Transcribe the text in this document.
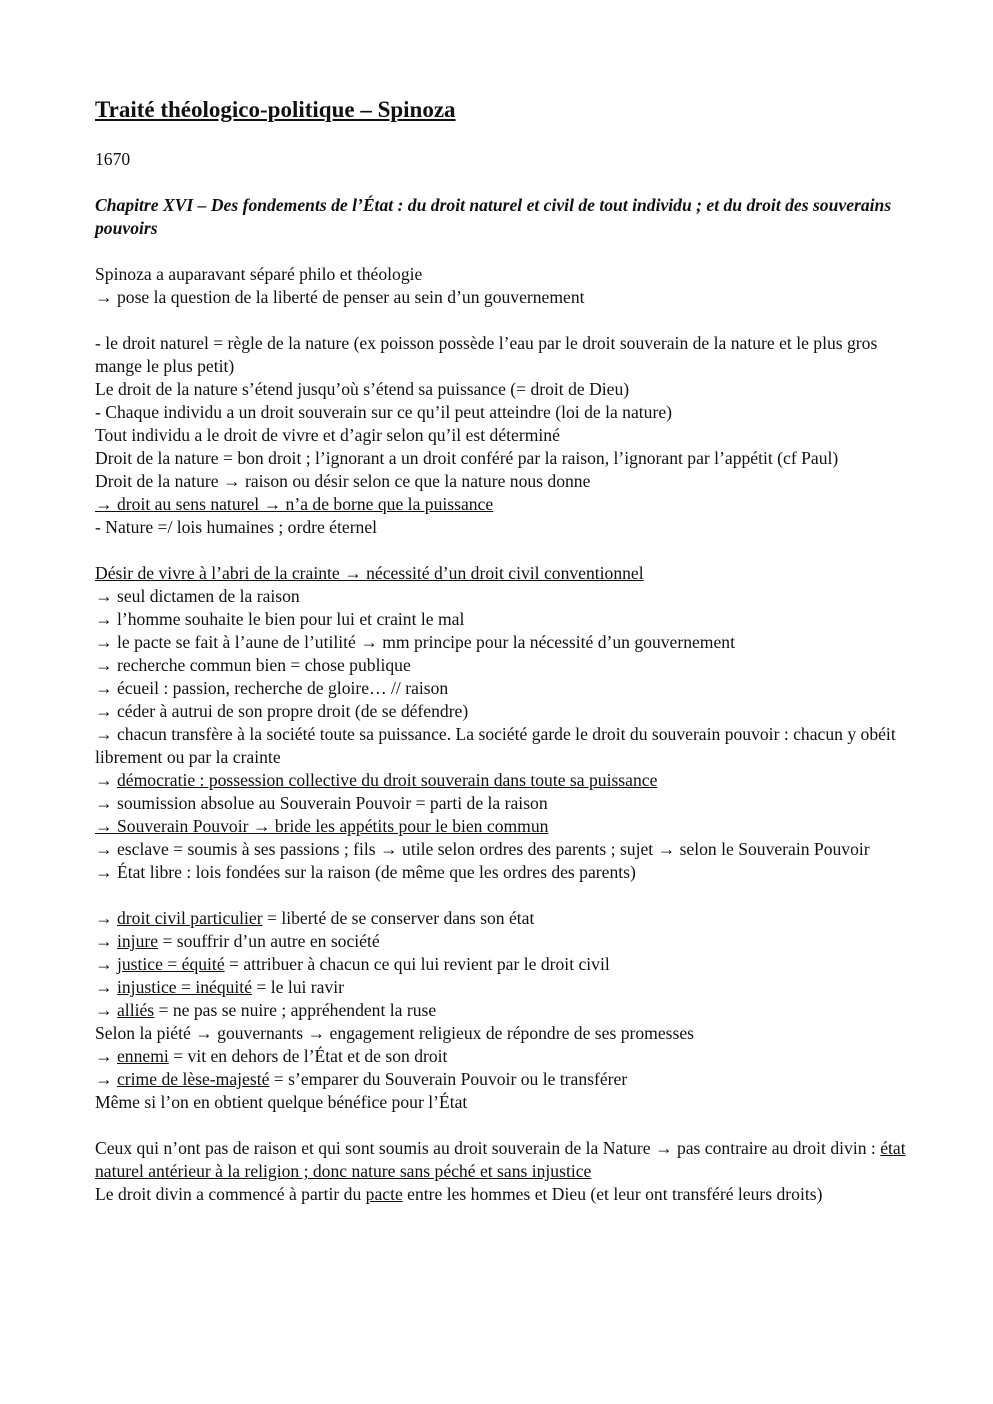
Traité théologico-politique – Spinoza
1670
Chapitre XVI – Des fondements de l’État : du droit naturel et civil de tout individu ; et du droit des souverains pouvoirs
Spinoza a auparavant séparé philo et théologie
→ pose la question de la liberté de penser au sein d’un gouvernement
- le droit naturel = règle de la nature (ex poisson possède l’eau par le droit souverain de la nature et le plus gros mange le plus petit)
Le droit de la nature s’étend jusqu’où s’étend sa puissance (= droit de Dieu)
- Chaque individu a un droit souverain sur ce qu’il peut atteindre (loi de la nature)
Tout individu a le droit de vivre et d’agir selon qu’il est déterminé
Droit de la nature = bon droit ; l’ignorant a un droit conféré par la raison, l’ignorant par l’appétit (cf Paul)
Droit de la nature → raison ou désir selon ce que la nature nous donne
→ droit au sens naturel → n’a de borne que la puissance
- Nature =/ lois humaines ; ordre éternel
Désir de vivre à l’abri de la crainte → nécessité d’un droit civil conventionnel
→ seul dictamen de la raison
→ l’homme souhaite le bien pour lui et craint le mal
→ le pacte se fait à l’aune de l’utilité → mm principe pour la nécessité d’un gouvernement
→ recherche commun bien = chose publique
→ écueil : passion, recherche de gloire… // raison
→ céder à autrui de son propre droit (de se défendre)
→ chacun transfère à la société toute sa puissance. La société garde le droit du souverain pouvoir : chacun y obéit librement ou par la crainte
→ démocratie : possession collective du droit souverain dans toute sa puissance
→ soumission absolue au Souverain Pouvoir = parti de la raison
→ Souverain Pouvoir → bride les appétits pour le bien commun
→ esclave = soumis à ses passions ; fils → utile selon ordres des parents ; sujet → selon le Souverain Pouvoir
→ État libre : lois fondées sur la raison (de même que les ordres des parents)
→ droit civil particulier = liberté de se conserver dans son état
→ injure = souffrir d’un autre en société
→ justice = équité = attribuer à chacun ce qui lui revient par le droit civil
→ injustice = inéquité = le lui ravir
→ alliés = ne pas se nuire ; appréhendent la ruse
Selon la piété → gouvernants → engagement religieux de répondre de ses promesses
→ ennemi = vit en dehors de l’État et de son droit
→ crime de lèse-majesté = s’emparer du Souverain Pouvoir ou le transférer
Même si l’on en obtient quelque bénéfice pour l’État
Ceux qui n’ont pas de raison et qui sont soumis au droit souverain de la Nature → pas contraire au droit divin : état naturel antérieur à la religion ; donc nature sans péché et sans injustice
Le droit divin a commencé à partir du pacte entre les hommes et Dieu (et leur ont transféré leurs droits)
